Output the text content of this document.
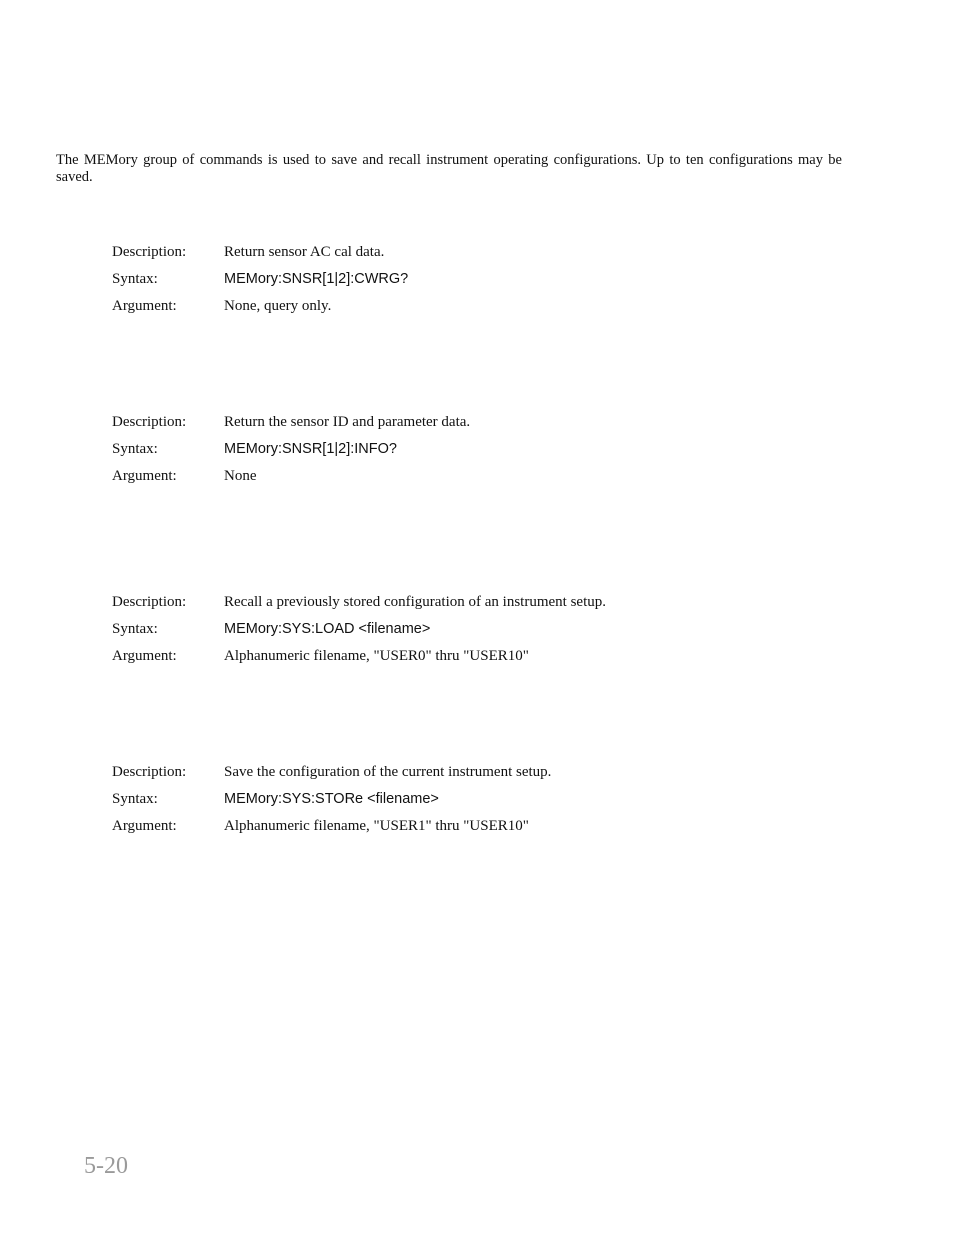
The MEMory group of commands is used to save and recall instrument operating configurations. Up to ten configurations may be saved.

Description:	Return sensor AC cal data.
Syntax:	MEMory:SNSR[1|2]:CWRG?
Argument:	None, query only.
Description:	Return the sensor ID and parameter data.
Syntax:	MEMory:SNSR[1|2]:INFO?
Argument:	None
Description:	Recall a previously stored configuration of an instrument setup.
Syntax:	MEMory:SYS:LOAD <filename>
Argument:	Alphanumeric filename, "USER0" thru "USER10"
Description:	Save the configuration of the current instrument setup.
Syntax:	MEMory:SYS:STORe <filename>
Argument:	Alphanumeric filename, "USER1" thru "USER10"
5-20
